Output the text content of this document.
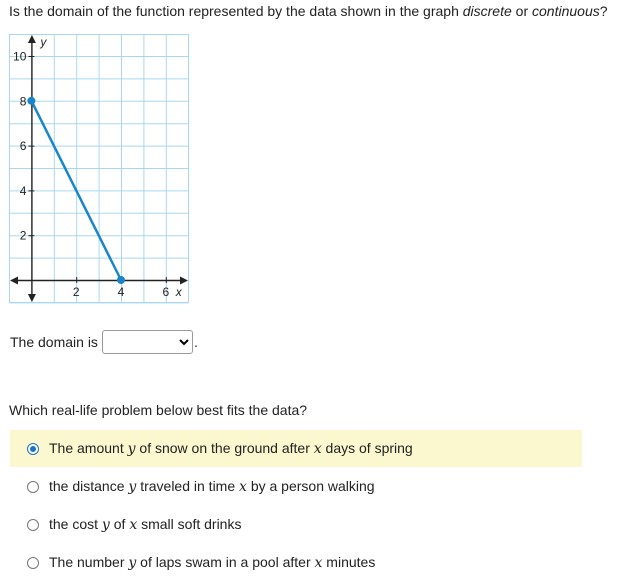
Is the domain of the function represented by the data shown in the graph discrete or continuous?
2	4	6 x
2
4
6
8
10
y
The domain is	.
Which real-life problem below best fits the data?
The amount y of snow on the ground after x days of spring
the distance y traveled in time x by a person walking
the cost y of x small soft drinks
The number y of laps swam in a pool after x minutes
